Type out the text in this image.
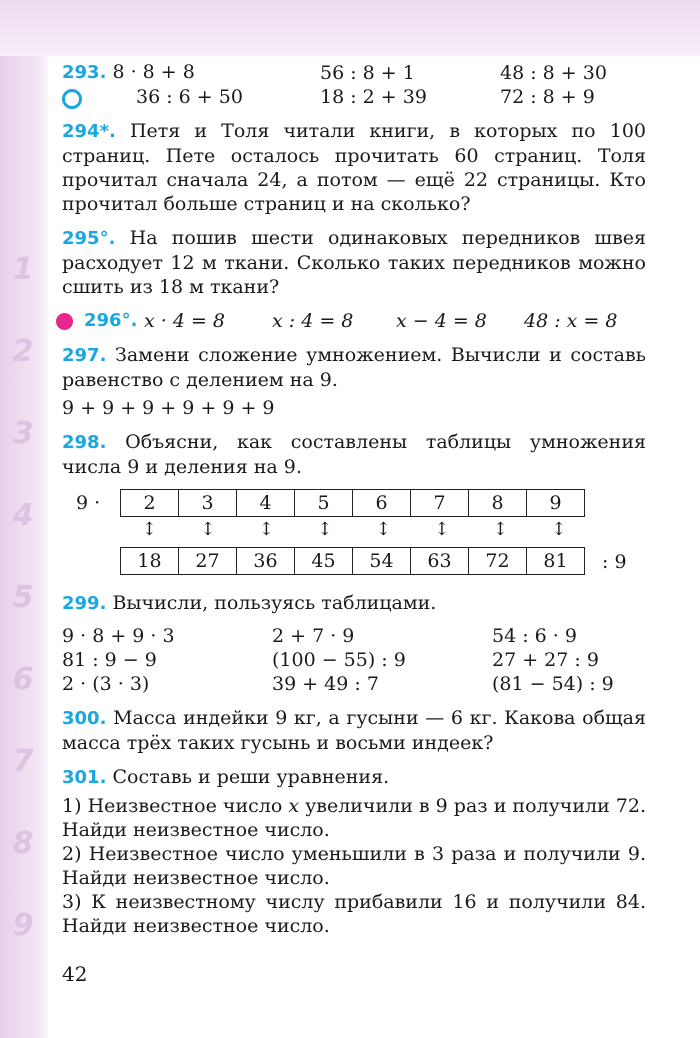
1
2
3
4
5
6
7
8
9
293. 8 · 8 + 8	56 : 8 + 1	48 : 8 + 30
36 : 6 + 50	18 : 2 + 39	72 : 8 + 9
294*. Петя и Толя читали книги, в которых по 100 страниц. Пете осталось прочитать 60 страниц. Толя прочитал сначала 24, а потом — ещё 22 страницы. Кто прочитал больше страниц и на сколько?
295°. На пошив шести одинаковых передников швея расходует 12 м ткани. Сколько таких передников можно сшить из 18 м ткани?
296°. x · 4 = 8	x : 4 = 8	x − 4 = 8	48 : x = 8
297. Замени сложение умножением. Вычисли и составь равенство с делением на 9.
9 + 9 + 9 + 9 + 9 + 9
298. Объясни, как составлены таблицы умножения числа 9 и деления на 9.
9 · 2	3	4	5	6	7	8	9
↕	↕	↕	↕	↕	↕	↕	↕
18	27	36	45	54	63	72	81 : 9
299. Вычисли, пользуясь таблицами.
9 · 8 + 9 · 3	2 + 7 · 9	54 : 6 · 9
81 : 9 − 9	(100 − 55) : 9	27 + 27 : 9
2 · (3 · 3)	39 + 49 : 7	(81 − 54) : 9
300. Масса индейки 9 кг, а гусыни — 6 кг. Какова общая масса трёх таких гусынь и восьми индеек?
301. Составь и реши уравнения.
1) Неизвестное число x увеличили в 9 раз и получили 72. Найди неизвестное число.
2) Неизвестное число уменьшили в 3 раза и получили 9. Найди неизвестное число.
3) К неизвестному числу прибавили 16 и получили 84. Найди неизвестное число.
42
